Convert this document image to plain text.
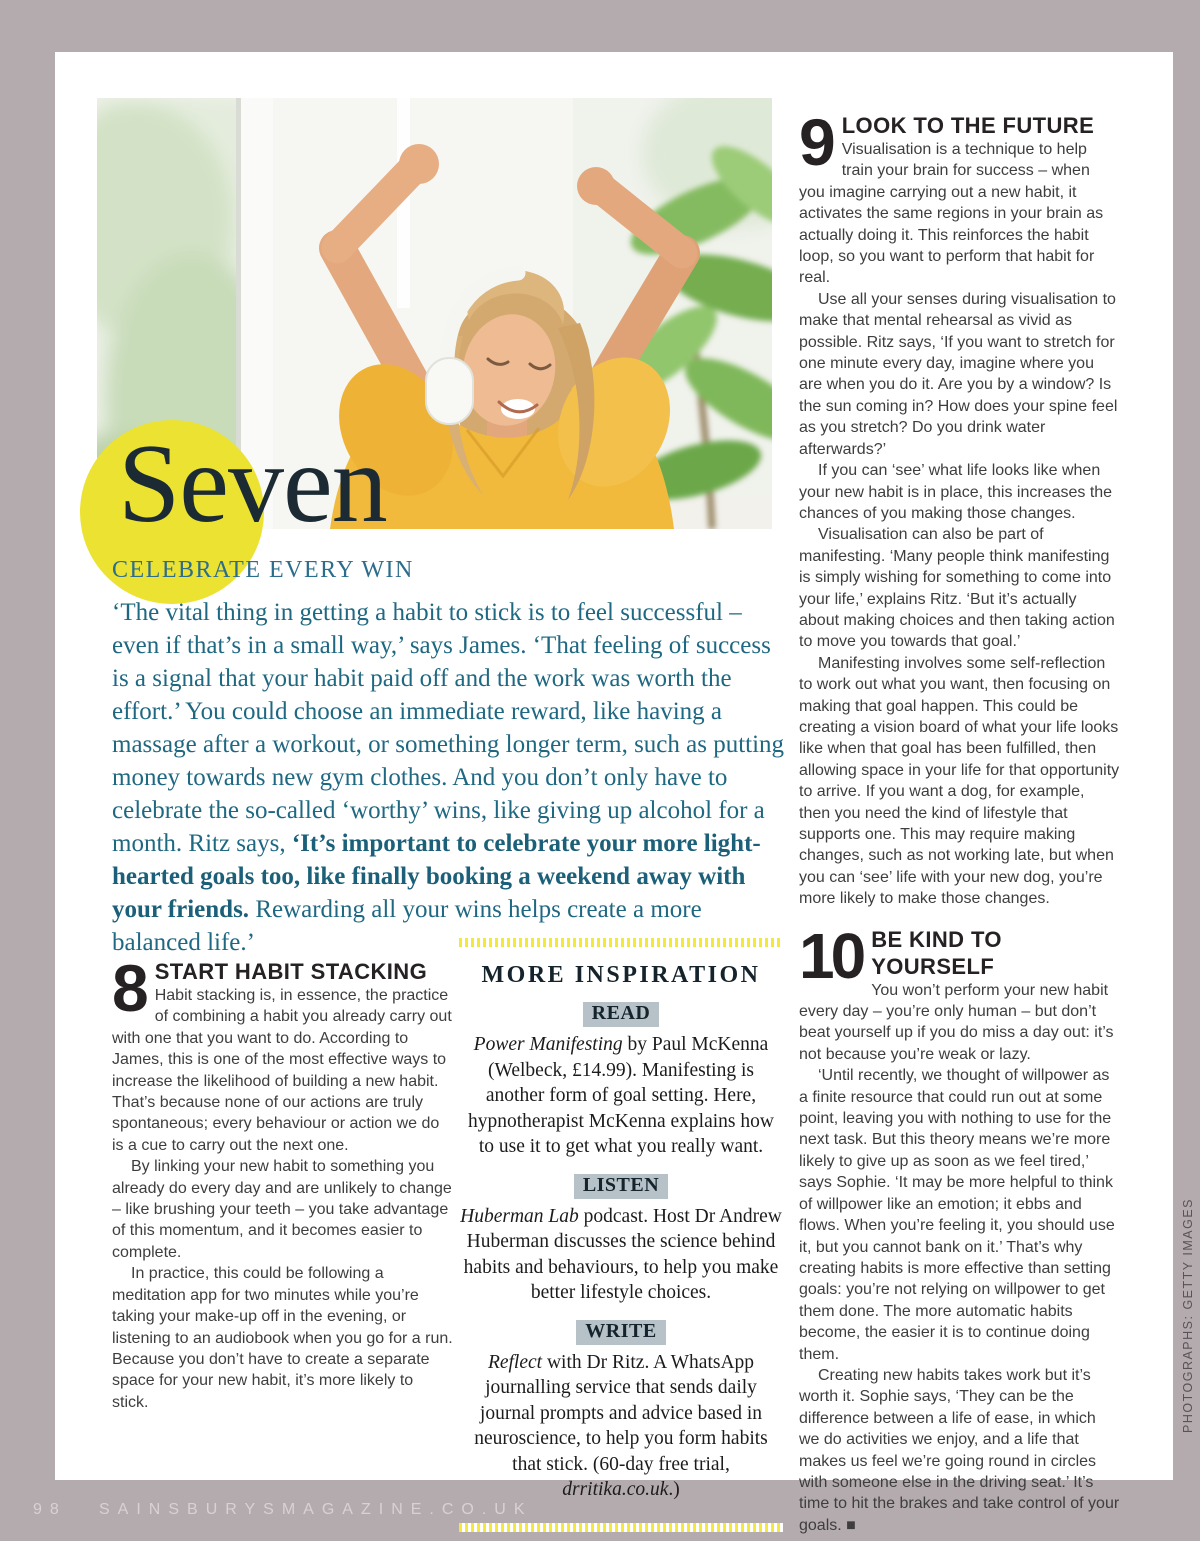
Seven
CELEBRATE EVERY WIN

‘The vital thing in getting a habit to stick is to feel successful – even if that’s in a small way,’ says James. ‘That feeling of success is a signal that your habit paid off and the work was worth the effort.’ You could choose an immediate reward, like having a massage after a workout, or something longer term, such as putting money towards new gym clothes. And you don’t only have to celebrate the so-called ‘worthy’ wins, like giving up alcohol for a month. Ritz says, ‘It’s important to celebrate your more light-hearted goals too, like finally booking a weekend away with your friends. Rewarding all your wins helps create a more balanced life.’

8 START HABIT STACKING

Habit stacking is, in essence, the practice of combining a habit you already carry out with one that you want to do. According to James, this is one of the most effective ways to increase the likelihood of building a new habit. That’s because none of our actions are truly spontaneous; every behaviour or action we do is a cue to carry out the next one.

By linking your new habit to something you already do every day and are unlikely to change – like brushing your teeth – you take advantage of this momentum, and it becomes easier to complete.

In practice, this could be following a meditation app for two minutes while you’re taking your make-up off in the evening, or listening to an audiobook when you go for a run. Because you don’t have to create a separate space for your new habit, it’s more likely to stick.

MORE INSPIRATION
READ

Power Manifesting by Paul McKenna (Welbeck, £14.99). Manifesting is another form of goal setting. Here, hypnotherapist McKenna explains how to use it to get what you really want.

LISTEN

Huberman Lab podcast. Host Dr Andrew Huberman discusses the science behind habits and behaviours, to help you make better lifestyle choices.

WRITE

Reflect with Dr Ritz. A WhatsApp journalling service that sends daily journal prompts and advice based in neuroscience, to help you form habits that stick. (60-day free trial, drritika.co.uk.)

9 LOOK TO THE FUTURE

Visualisation is a technique to help train your brain for success – when you imagine carrying out a new habit, it activates the same regions in your brain as actually doing it. This reinforces the habit loop, so you want to perform that habit for real.

Use all your senses during visualisation to make that mental rehearsal as vivid as possible. Ritz says, ‘If you want to stretch for one minute every day, imagine where you are when you do it. Are you by a window? Is the sun coming in? How does your spine feel as you stretch? Do you drink water afterwards?’

If you can ‘see’ what life looks like when your new habit is in place, this increases the chances of you making those changes.

Visualisation can also be part of manifesting. ‘Many people think manifesting is simply wishing for something to come into your life,’ explains Ritz. ‘But it’s actually about making choices and then taking action to move you towards that goal.’

Manifesting involves some self-reflection to work out what you want, then focusing on making that goal happen. This could be creating a vision board of what your life looks like when that goal has been fulfilled, then allowing space in your life for that opportunity to arrive. If you want a dog, for example, then you need the kind of lifestyle that supports one. This may require making changes, such as not working late, but when you can ‘see’ life with your new dog, you’re more likely to make those changes.

10 BE KIND TO YOURSELF

You won’t perform your new habit every day – you’re only human – but don’t beat yourself up if you do miss a day out: it’s not because you’re weak or lazy.

‘Until recently, we thought of willpower as a finite resource that could run out at some point, leaving you with nothing to use for the next task. But this theory means we’re more likely to give up as soon as we feel tired,’ says Sophie. ‘It may be more helpful to think of willpower like an emotion; it ebbs and flows. When you’re feeling it, you should use it, but you cannot bank on it.’ That’s why creating habits is more effective than setting goals: you’re not relying on willpower to get them done. The more automatic habits become, the easier it is to continue doing them.

Creating new habits takes work but it’s worth it. Sophie says, ‘They can be the difference between a life of ease, in which we do activities we enjoy, and a life that makes us feel we’re going round in circles with someone else in the driving seat.’ It’s time to hit the brakes and take control of your goals. ■

98 SAINSBURYSMAGAZINE.CO.UK
PHOTOGRAPHS: GETTY IMAGES
